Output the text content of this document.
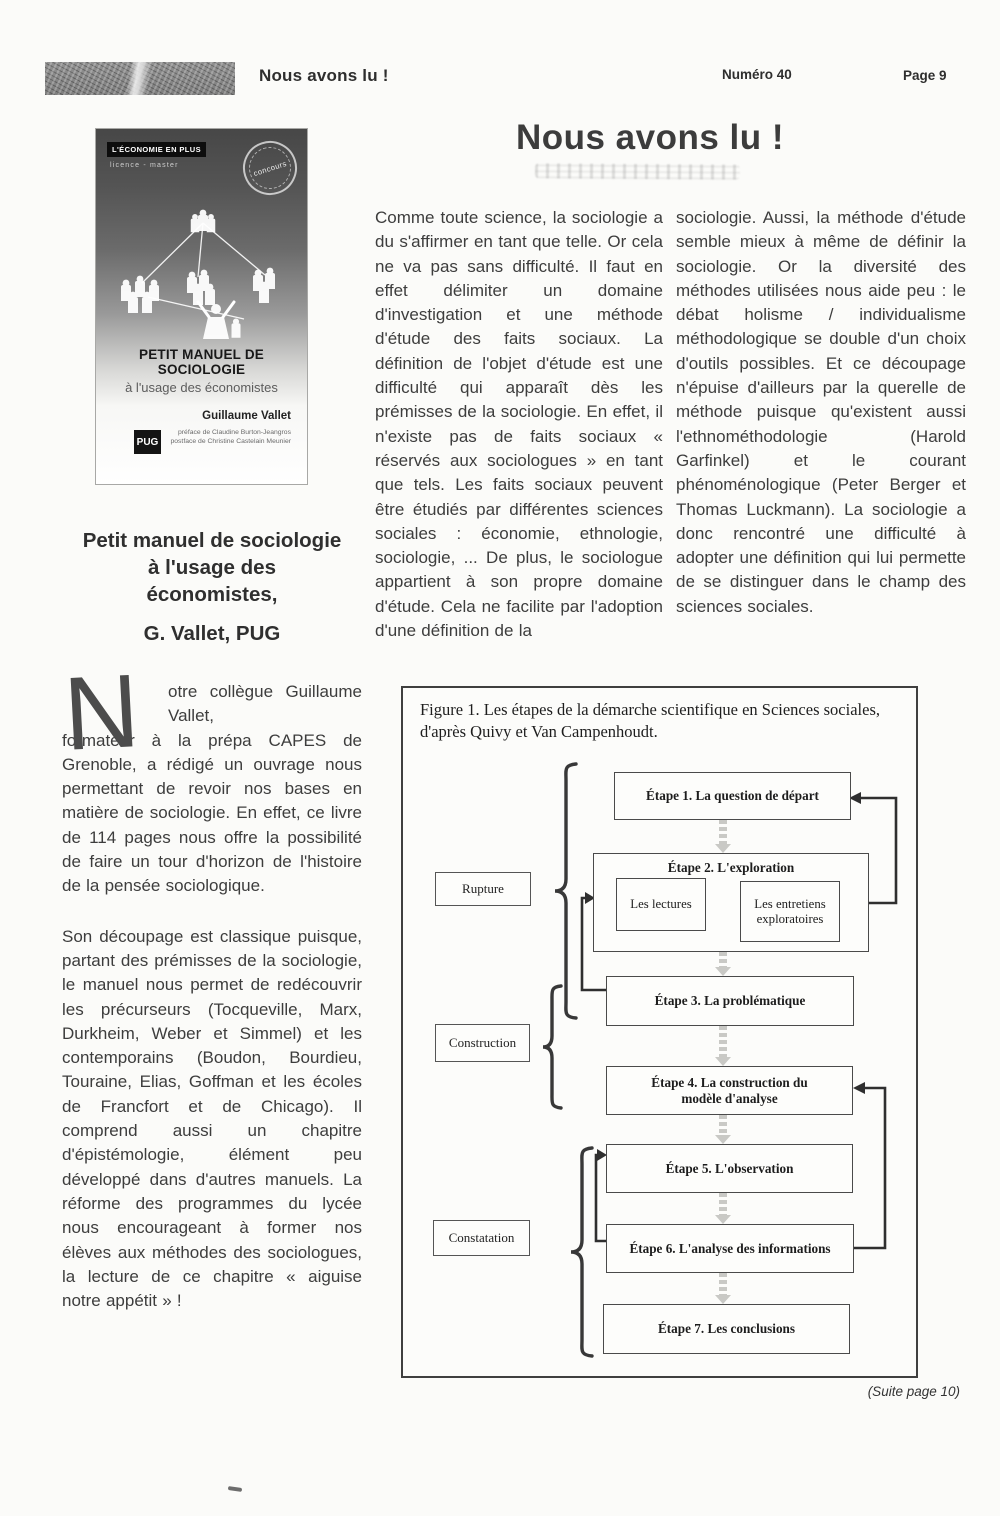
Nous avons lu !	Numéro 40	Page 9
L'ÉCONOMIE EN PLUS
licence - master	concours
PETIT MANUEL DE SOCIOLOGIE
à l'usage des économistes
Guillaume Vallet
préface de Claudine Burton-Jeangros
postface de Christine Castelain Meunier
PUG
Nous avons lu !
Comme toute science, la sociologie a du s'affirmer en tant que telle. Or cela ne va pas sans difficulté. Il faut en effet délimiter un domaine d'investigation et une méthode d'étude des faits sociaux. La définition de l'objet d'étude est une difficulté qui apparaît dès les prémisses de la sociologie. En effet, il n'existe pas de faits sociaux « réservés aux sociologues » en tant que tels. Les faits sociaux peuvent être étudiés par différentes sciences sociales : économie, ethnologie, sociologie, ... De plus, le sociologue appartient à son propre domaine d'étude. Cela ne facilite par l'adoption d'une définition de la
sociologie. Aussi, la méthode d'étude semble mieux à même de définir la sociologie. Or la diversité des méthodes utilisées nous aide peu : le débat holisme / individualisme méthodologique se double d'un choix d'outils possibles. Et ce découpage n'épuise d'ailleurs par la querelle de méthode puisque qu'existent aussi l'ethnométhodologie (Harold Garfinkel) et le courant phénoménologique (Peter Berger et Thomas Luckmann). La sociologie a donc rencontré une difficulté à adopter une définition qui lui permette de se distinguer dans le champ des sciences sociales.
Petit manuel de sociologie
à l'usage des
économistes,
G. Vallet, PUG
N otre collègue Guillaume Vallet,
formateur à la prépa CAPES de Grenoble, a rédigé un ouvrage nous permettant de revoir nos bases en matière de sociologie. En effet, ce livre de 114 pages nous offre la possibilité de faire un tour d'horizon de l'histoire de la pensée sociologique.
Son découpage est classique puisque, partant des prémisses de la sociologie, le manuel nous permet de redécouvrir les précurseurs (Tocqueville, Marx, Durkheim, Weber et Simmel) et les contemporains (Boudon, Bourdieu, Touraine, Elias, Goffman et les écoles de Francfort et de Chicago). Il comprend aussi un chapitre d'épistémologie, élément peu développé dans d'autres manuels. La réforme des programmes du lycée nous encourageant à former nos élèves aux méthodes des sociologues, la lecture de ce chapitre « aiguise notre appétit » !
Figure 1. Les étapes de la démarche scientifique en Sciences sociales, d'après Quivy et Van Campenhoudt.
Étape 1. La question de départ
Étape 2. L'exploration
Les lectures	Les entretiens exploratoires
Étape 3. La problématique
Étape 4. La construction du modèle d'analyse
Étape 5. L'observation
Étape 6. L'analyse des informations
Étape 7. Les conclusions
Rupture
Construction
Constatation
(Suite page 10)
